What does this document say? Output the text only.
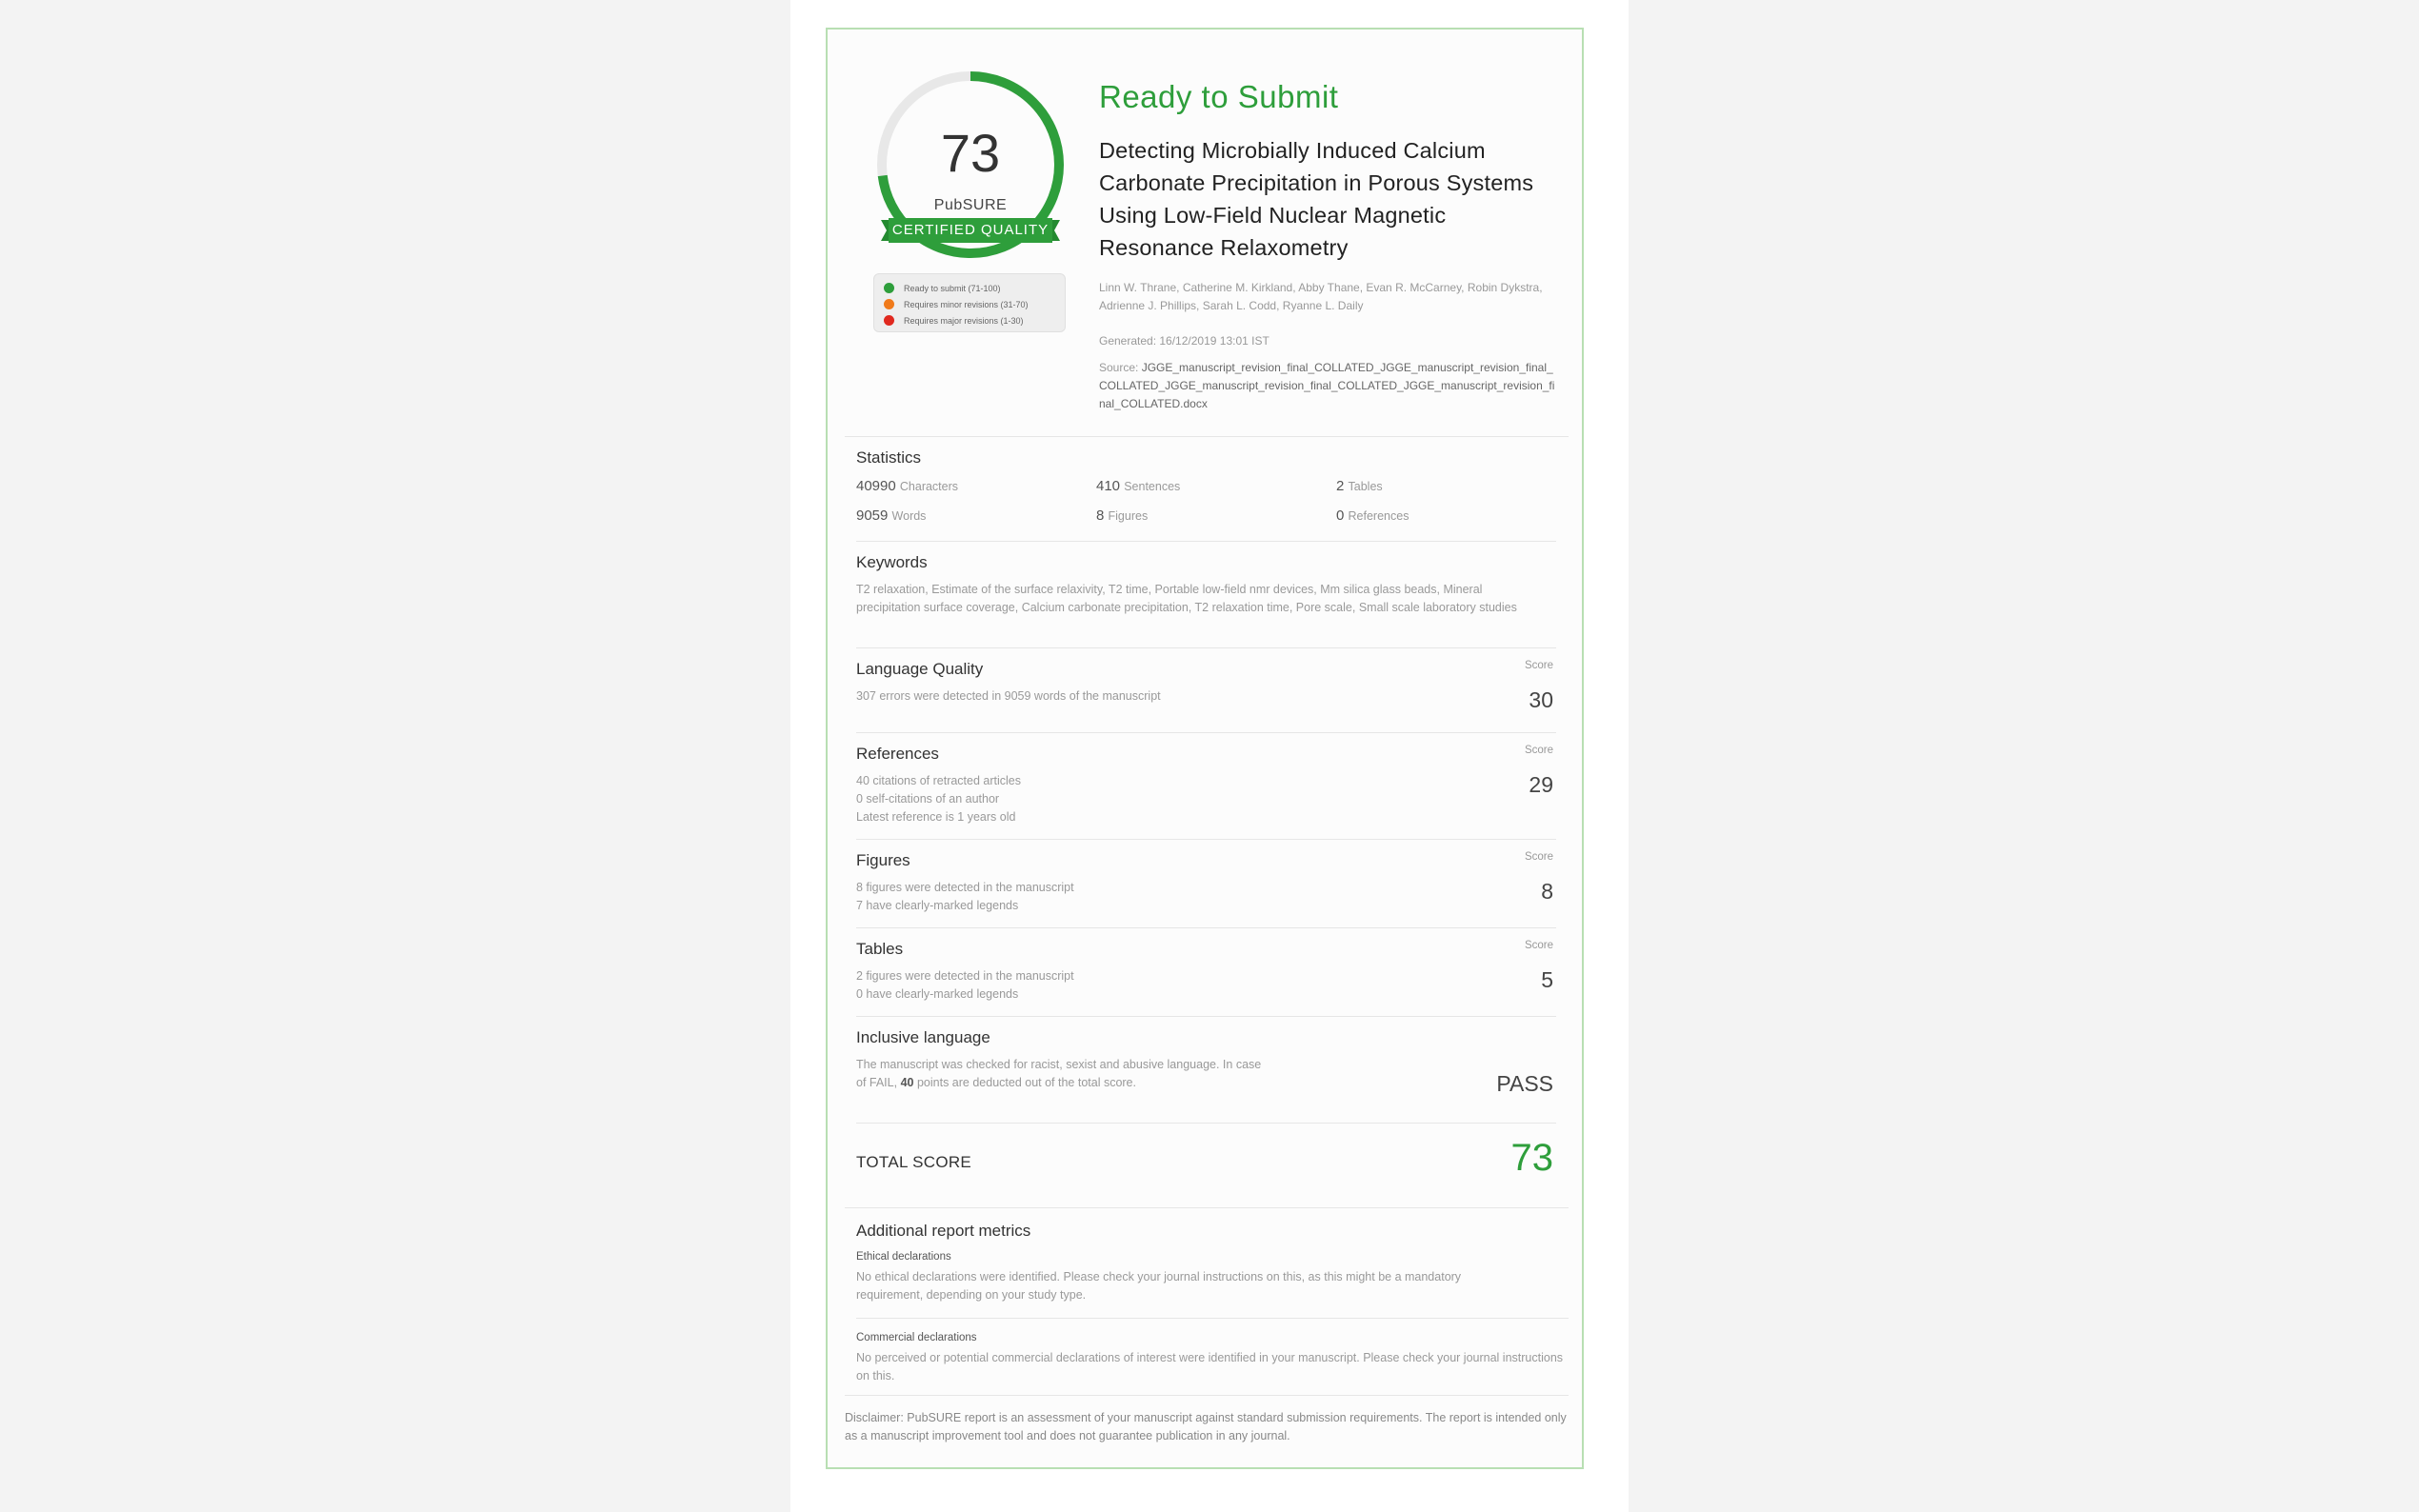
73
PubSURE
CERTIFIED QUALITY
Ready to submit (71-100)
Requires minor revisions (31-70)
Requires major revisions (1-30)
Ready to Submit
Detecting Microbially Induced Calcium Carbonate Precipitation in Porous Systems Using Low-Field Nuclear Magnetic Resonance Relaxometry
Linn W. Thrane, Catherine M. Kirkland, Abby Thane, Evan R. McCarney, Robin Dykstra, Adrienne J. Phillips, Sarah L. Codd, Ryanne L. Daily
Generated: 16/12/2019 13:01 IST
Source: JGGE_manuscript_revision_final_COLLATED_JGGE_manuscript_revision_final_COLLATED_JGGE_manuscript_revision_final_COLLATED_JGGE_manuscript_revision_final_COLLATED.docx
Statistics
40990 Characters	410 Sentences	2 Tables
9059 Words	8 Figures	0 References
Keywords
T2 relaxation, Estimate of the surface relaxivity, T2 time, Portable low-field nmr devices, Mm silica glass beads, Mineral precipitation surface coverage, Calcium carbonate precipitation, T2 relaxation time, Pore scale, Small scale laboratory studies
Language Quality
307 errors were detected in 9059 words of the manuscript
Score
30
References
40 citations of retracted articles
0 self-citations of an author
Latest reference is 1 years old
Score
29
Figures
8 figures were detected in the manuscript
7 have clearly-marked legends
Score
8
Tables
2 figures were detected in the manuscript
0 have clearly-marked legends
Score
5
Inclusive language
The manuscript was checked for racist, sexist and abusive language. In case of FAIL, 40 points are deducted out of the total score.	PASS
TOTAL SCORE	73
Additional report metrics
Ethical declarations
No ethical declarations were identified. Please check your journal instructions on this, as this might be a mandatory requirement, depending on your study type.
Commercial declarations
No perceived or potential commercial declarations of interest were identified in your manuscript. Please check your journal instructions on this.
Disclaimer: PubSURE report is an assessment of your manuscript against standard submission requirements. The report is intended only as a manuscript improvement tool and does not guarantee publication in any journal.
